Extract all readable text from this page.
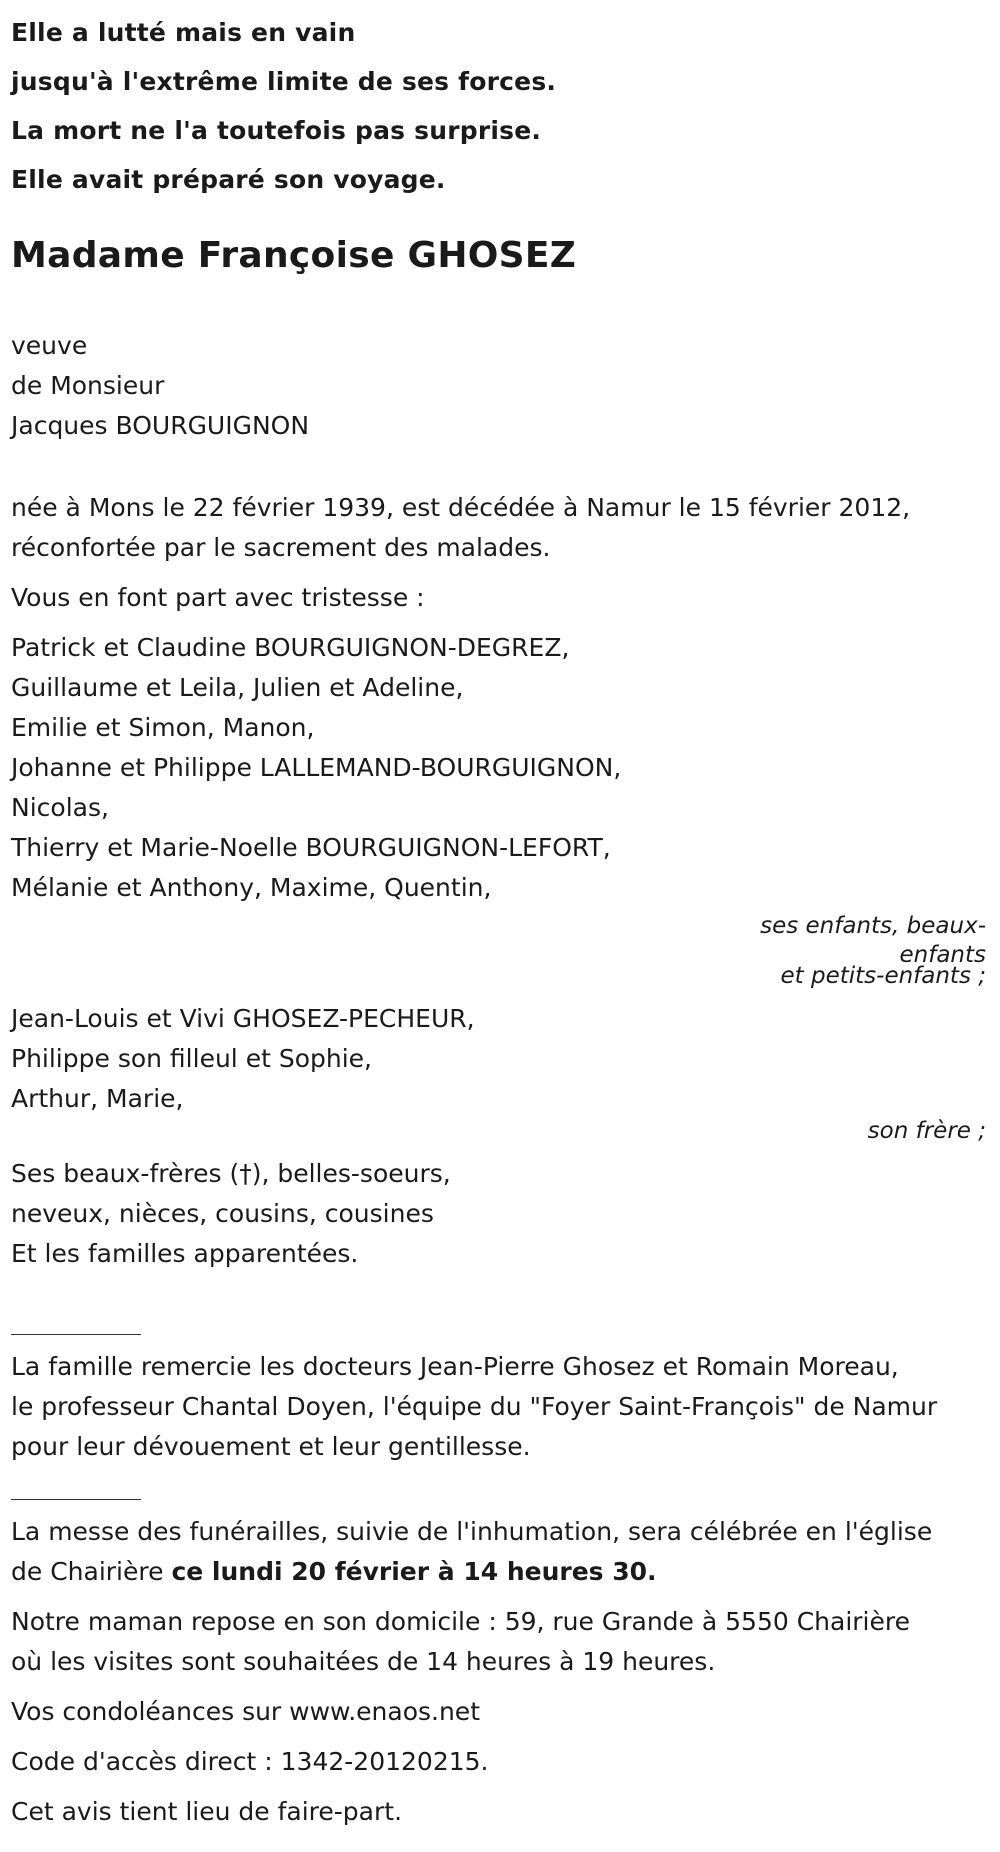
Elle a lutté mais en vain
jusqu'à l'extrême limite de ses forces.
La mort ne l'a toutefois pas surprise.
Elle avait préparé son voyage.
Madame Françoise GHOSEZ
veuve
de Monsieur
Jacques BOURGUIGNON
née à Mons le 22 février 1939, est décédée à Namur le 15 février 2012,
réconfortée par le sacrement des malades.
Vous en font part avec tristesse :
Patrick et Claudine BOURGUIGNON-DEGREZ,
Guillaume et Leila, Julien et Adeline,
Emilie et Simon, Manon,
Johanne et Philippe LALLEMAND-BOURGUIGNON,
Nicolas,
Thierry et Marie-Noelle BOURGUIGNON-LEFORT,
Mélanie et Anthony, Maxime, Quentin,
ses enfants, beaux-
enfants
et petits-enfants ;
Jean-Louis et Vivi GHOSEZ-PECHEUR,
Philippe son filleul et Sophie,
Arthur, Marie,
son frère ;
Ses beaux-frères (†), belles-soeurs,
neveux, nièces, cousins, cousines
Et les familles apparentées.
La famille remercie les docteurs Jean-Pierre Ghosez et Romain Moreau,
le professeur Chantal Doyen, l'équipe du "Foyer Saint-François" de Namur
pour leur dévouement et leur gentillesse.
La messe des funérailles, suivie de l'inhumation, sera célébrée en l'église
de Chairière ce lundi 20 février à 14 heures 30.
Notre maman repose en son domicile : 59, rue Grande à 5550 Chairière
où les visites sont souhaitées de 14 heures à 19 heures.
Vos condoléances sur www.enaos.net
Code d'accès direct : 1342-20120215.
Cet avis tient lieu de faire-part.
